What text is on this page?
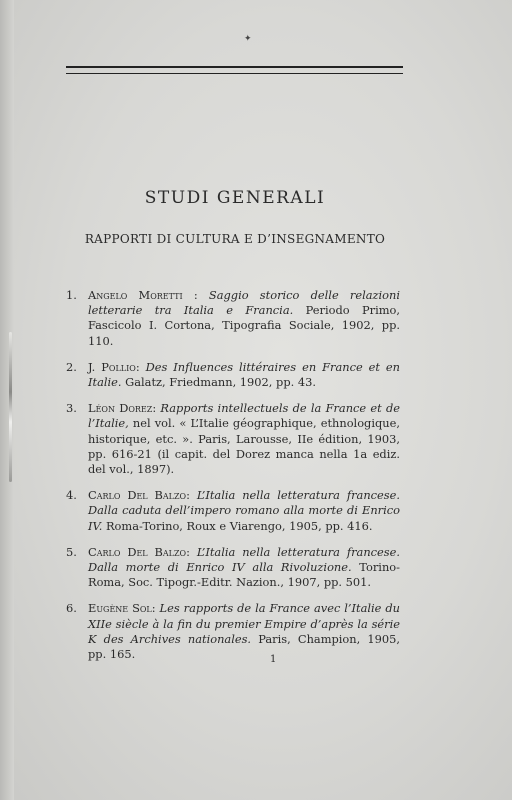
✦
STUDI GENERALI
RAPPORTI DI CULTURA E D’INSEGNAMENTO
1. Angelo Moretti : Saggio storico delle relazioni letterarie tra Italia e Francia. Periodo Primo, Fascicolo I. Cortona, Tipografia Sociale, 1902, pp. 110.
2. J. Pollio: Des Influences littéraires en France et en Italie. Galatz, Friedmann, 1902, pp. 43.
3. Léon Dorez: Rapports intellectuels de la France et de l’Italie, nel vol. « L’Italie géographique, ethnologique, historique, etc. ». Paris, Larousse, IIe édition, 1903, pp. 616-21 (il capit. del Dorez manca nella 1a ediz. del vol., 1897).
4. Carlo Del Balzo: L’Italia nella letteratura francese. Dalla caduta dell’impero romano alla morte di Enrico IV. Roma-Torino, Roux e Viarengo, 1905, pp. 416.
5. Carlo Del Balzo: L’Italia nella letteratura francese. Dalla morte di Enrico IV alla Rivoluzione. Torino-Roma, Soc. Tipogr.-Editr. Nazion., 1907, pp. 501.
6. Eugène Sol: Les rapports de la France avec l’Italie du XIIe siècle à la fin du premier Empire d’après la série K des Archives nationales. Paris, Champion, 1905, pp. 165.	1
